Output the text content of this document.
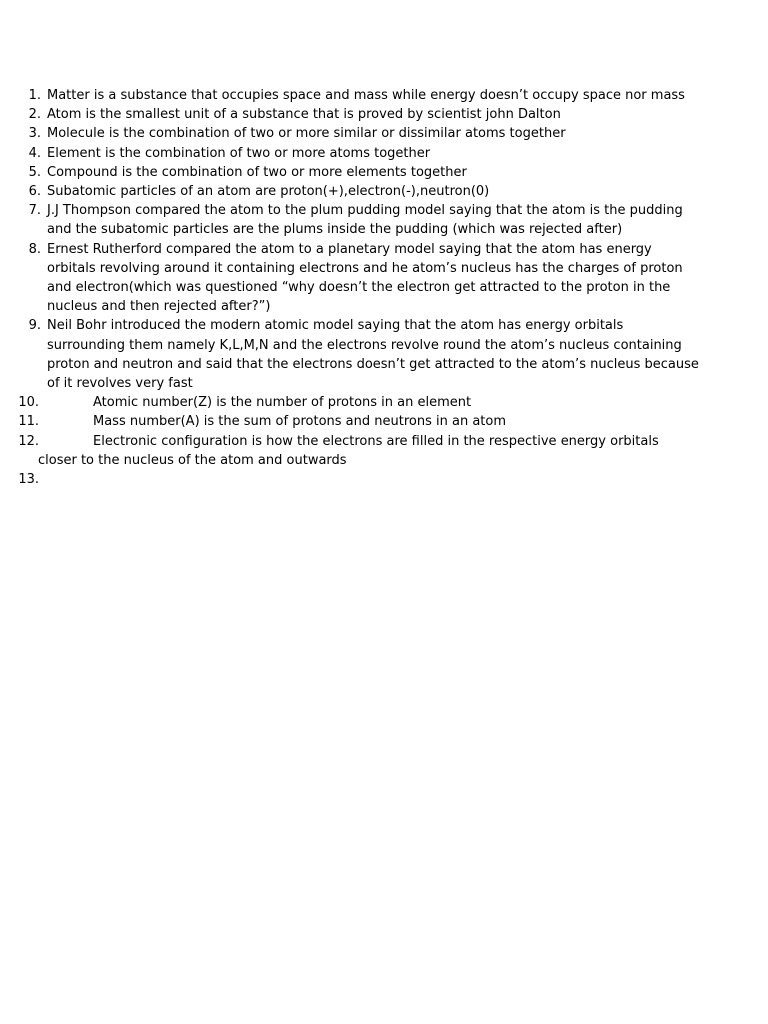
1. Matter is a substance that occupies space and mass while energy doesn’t occupy space nor mass
2. Atom is the smallest unit of a substance that is proved by scientist john Dalton
3. Molecule is the combination of two or more similar or dissimilar atoms together
4. Element is the combination of two or more atoms together
5. Compound is the combination of two or more elements together
6. Subatomic particles of an atom are proton(+),electron(-),neutron(0)
7. J.J Thompson compared the atom to the plum pudding model saying that the atom is the pudding
and the subatomic particles are the plums inside the pudding (which was rejected after)
8. Ernest Rutherford compared the atom to a planetary model saying that the atom has energy
orbitals revolving around it containing electrons and he atom’s nucleus has the charges of proton
and electron(which was questioned “why doesn’t the electron get attracted to the proton in the
nucleus and then rejected after?”)
9. Neil Bohr introduced the modern atomic model saying that the atom has energy orbitals
surrounding them namely K,L,M,N and the electrons revolve round the atom’s nucleus containing
proton and neutron and said that the electrons doesn’t get attracted to the atom’s nucleus because
of it revolves very fast
10.	Atomic number(Z) is the number of protons in an element
11.	Mass number(A) is the sum of protons and neutrons in an atom
12.	Electronic configuration is how the electrons are filled in the respective energy orbitals
closer to the nucleus of the atom and outwards
13.
